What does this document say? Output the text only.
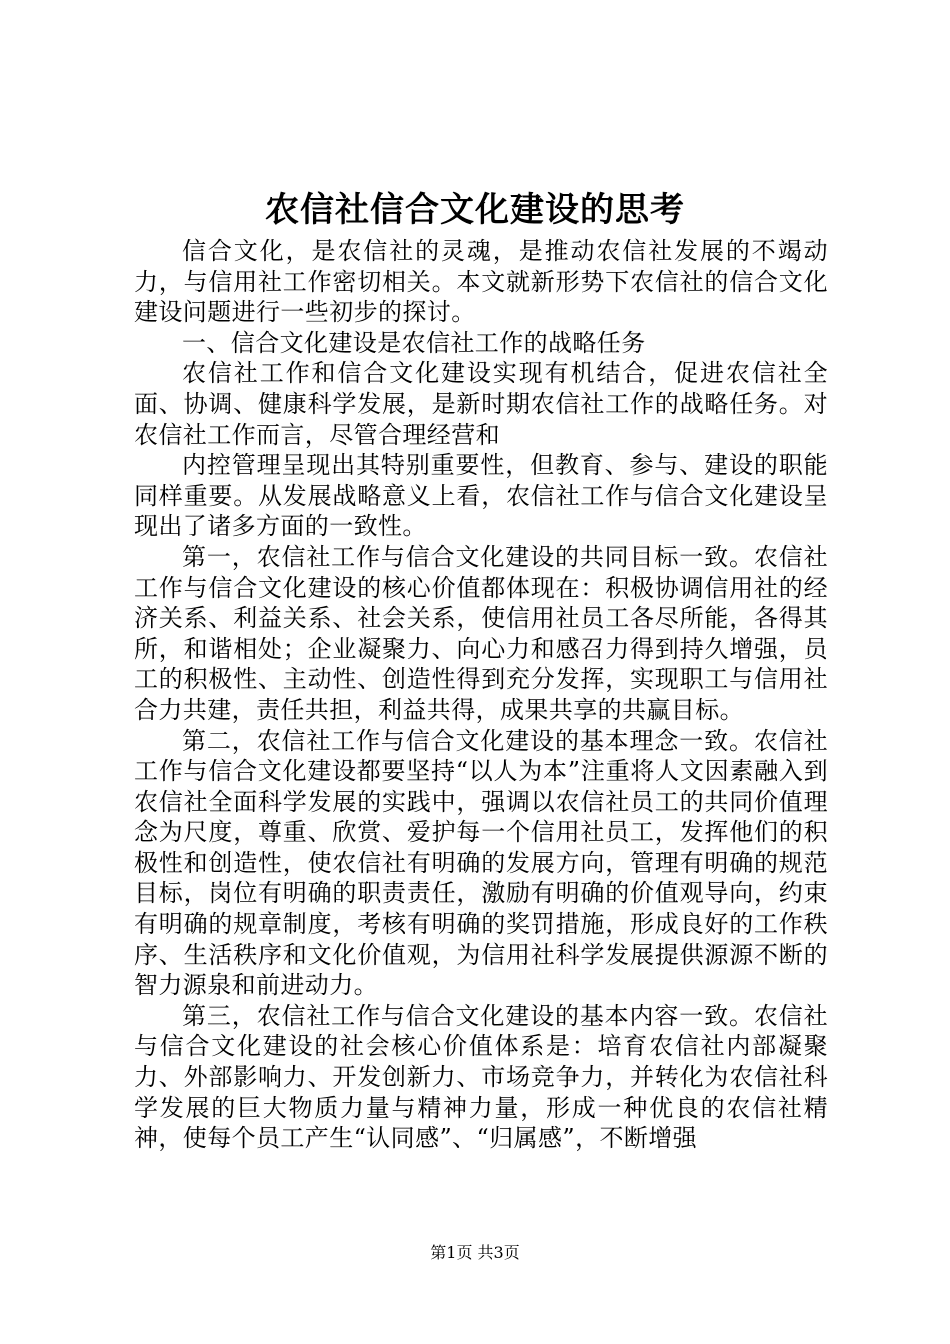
农信社信合文化建设的思考

信合文化，是农信社的灵魂，是推动农信社发展的不竭动力，与信用社工作密切相关。本文就新形势下农信社的信合文化建设问题进行一些初步的探讨。

一、信合文化建设是农信社工作的战略任务

农信社工作和信合文化建设实现有机结合，促进农信社全面、协调、健康科学发展，是新时期农信社工作的战略任务。对农信社工作而言，尽管合理经营和

内控管理呈现出其特别重要性，但教育、参与、建设的职能同样重要。从发展战略意义上看，农信社工作与信合文化建设呈现出了诸多方面的一致性。

第一，农信社工作与信合文化建设的共同目标一致。农信社工作与信合文化建设的核心价值都体现在：积极协调信用社的经济关系、利益关系、社会关系，使信用社员工各尽所能，各得其所，和谐相处；企业凝聚力、向心力和感召力得到持久增强，员工的积极性、主动性、创造性得到充分发挥，实现职工与信用社合力共建，责任共担，利益共得，成果共享的共赢目标。

第二，农信社工作与信合文化建设的基本理念一致。农信社工作与信合文化建设都要坚持“以人为本”注重将人文因素融入到农信社全面科学发展的实践中，强调以农信社员工的共同价值理念为尺度，尊重、欣赏、爱护每一个信用社员工，发挥他们的积极性和创造性，使农信社有明确的发展方向，管理有明确的规范目标，岗位有明确的职责责任，激励有明确的价值观导向，约束有明确的规章制度，考核有明确的奖罚措施，形成良好的工作秩序、生活秩序和文化价值观，为信用社科学发展提供源源不断的智力源泉和前进动力。

第三，农信社工作与信合文化建设的基本内容一致。农信社与信合文化建设的社会核心价值体系是：培育农信社内部凝聚力、外部影响力、开发创新力、市场竞争力，并转化为农信社科学发展的巨大物质力量与精神力量，形成一种优良的农信社精神，使每个员工产生“认同感”、“归属感”，不断增强

第1页 共3页
